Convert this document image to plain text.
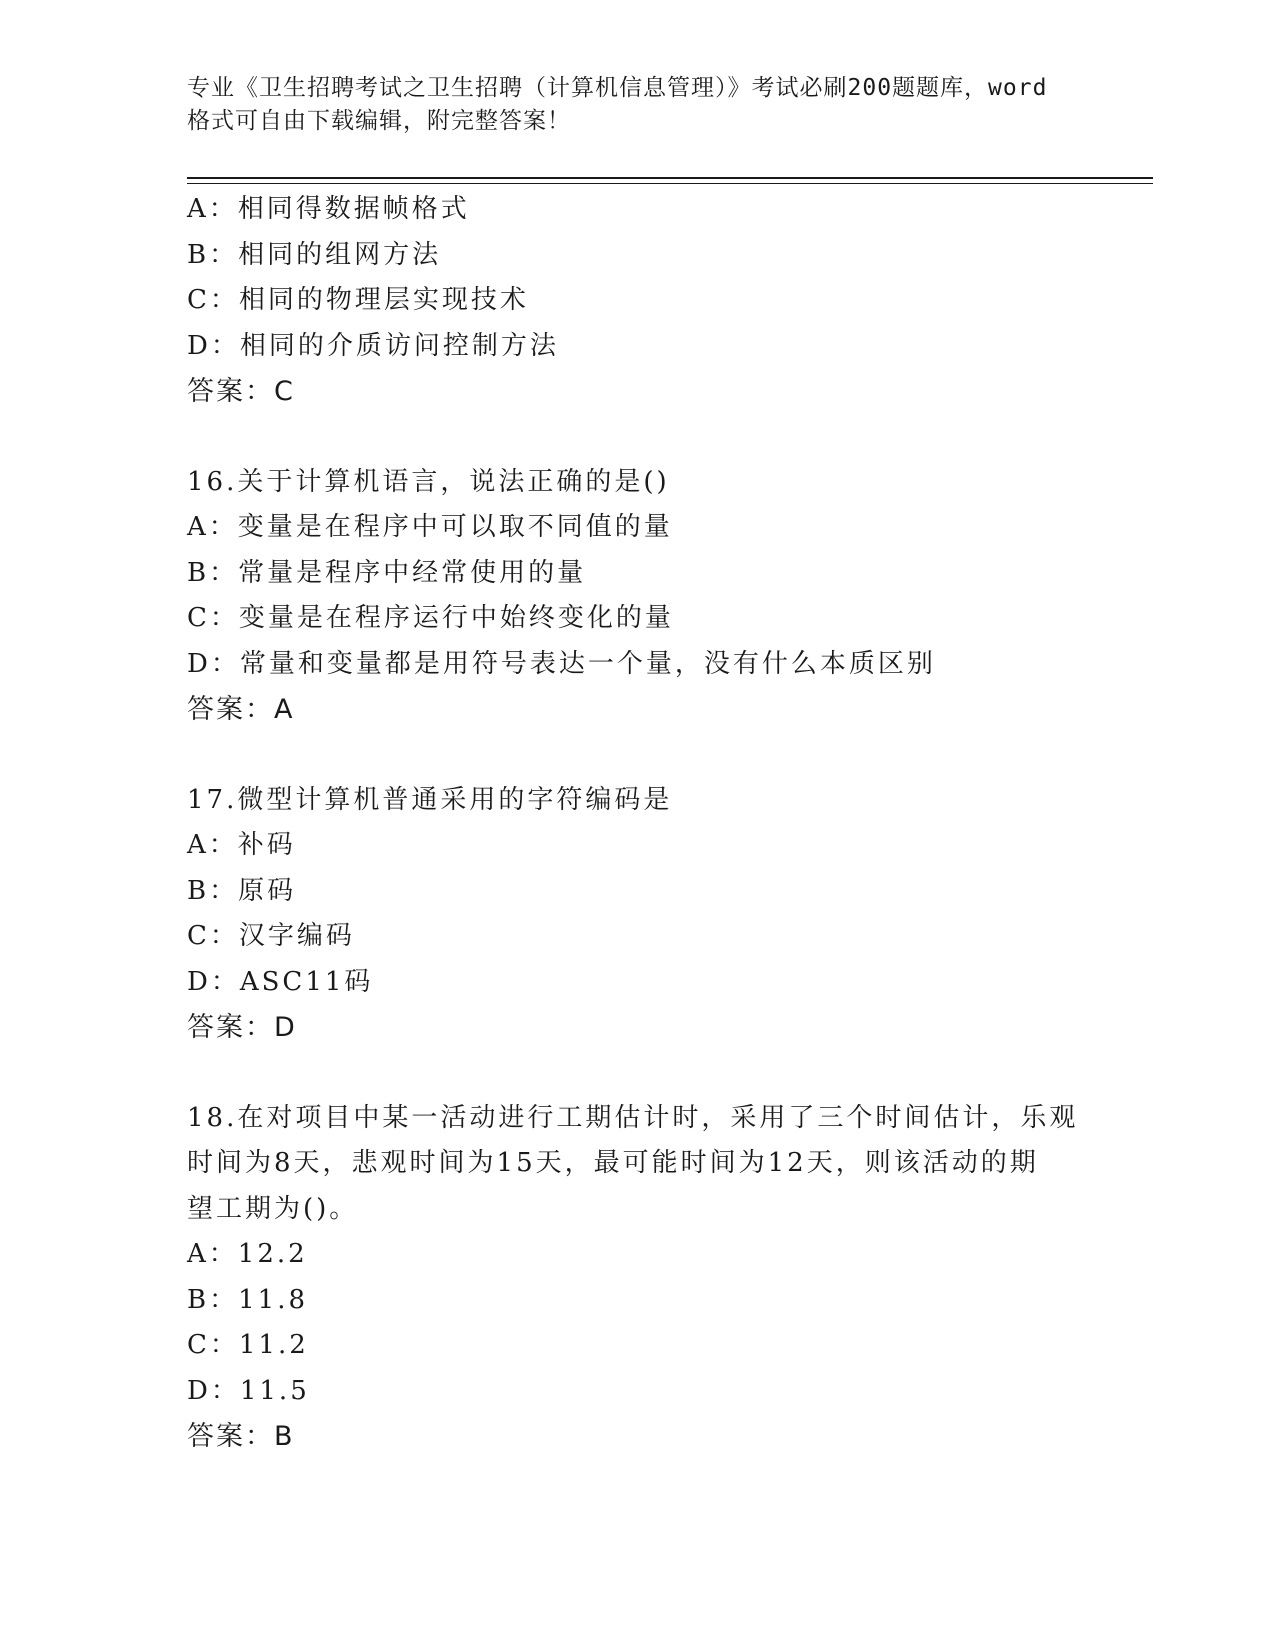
专业《卫生招聘考试之卫生招聘（计算机信息管理）》考试必刷200题题库，word
格式可自由下载编辑，附完整答案！
A：相同得数据帧格式
B：相同的组网方法
C：相同的物理层实现技术
D：相同的介质访问控制方法
答案：C
16.关于计算机语言，说法正确的是()
A：变量是在程序中可以取不同值的量
B：常量是程序中经常使用的量
C：变量是在程序运行中始终变化的量
D：常量和变量都是用符号表达一个量，没有什么本质区别
答案：A
17.微型计算机普通采用的字符编码是
A：补码
B：原码
C：汉字编码
D：ASC11码
答案：D
18.在对项目中某一活动进行工期估计时，采用了三个时间估计，乐观
时间为8天，悲观时间为15天，最可能时间为12天，则该活动的期
望工期为()。
A：12.2
B：11.8
C：11.2
D：11.5
答案：B
